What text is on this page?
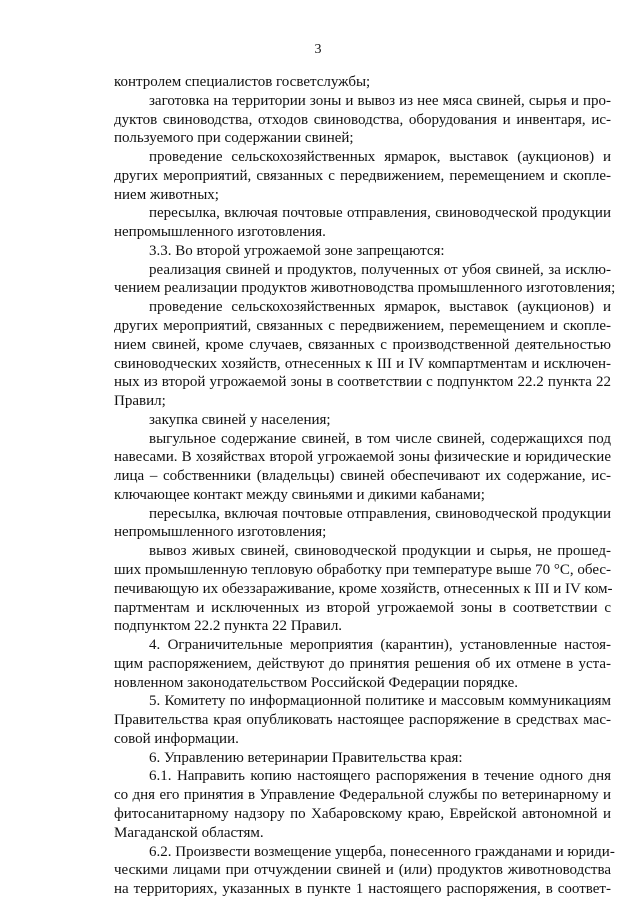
3
контролем специалистов госветслужбы;
заготовка на территории зоны и вывоз из нее мяса свиней, сырья и про-
дуктов свиноводства, отходов свиноводства, оборудования и инвентаря, ис-
пользуемого при содержании свиней;
проведение сельскохозяйственных ярмарок, выставок (аукционов) и
других мероприятий, связанных с передвижением, перемещением и скопле-
нием животных;
пересылка, включая почтовые отправления, свиноводческой продукции
непромышленного изготовления.
3.3. Во второй угрожаемой зоне запрещаются:
реализация свиней и продуктов, полученных от убоя свиней, за исклю-
чением реализации продуктов животноводства промышленного изготовления;
проведение сельскохозяйственных ярмарок, выставок (аукционов) и
других мероприятий, связанных с передвижением, перемещением и скопле-
нием свиней, кроме случаев, связанных с производственной деятельностью
свиноводческих хозяйств, отнесенных к III и IV компартментам и исключен-
ных из второй угрожаемой зоны в соответствии с подпунктом 22.2 пункта 22
Правил;
закупка свиней у населения;
выгульное содержание свиней, в том числе свиней, содержащихся под
навесами. В хозяйствах второй угрожаемой зоны физические и юридические
лица – собственники (владельцы) свиней обеспечивают их содержание, ис-
ключающее контакт между свиньями и дикими кабанами;
пересылка, включая почтовые отправления, свиноводческой продукции
непромышленного изготовления;
вывоз живых свиней, свиноводческой продукции и сырья, не прошед-
ших промышленную тепловую обработку при температуре выше 70 °С, обес-
печивающую их обеззараживание, кроме хозяйств, отнесенных к III и IV ком-
партментам и исключенных из второй угрожаемой зоны в соответствии с
подпунктом 22.2 пункта 22 Правил.
4. Ограничительные мероприятия (карантин), установленные настоя-
щим распоряжением, действуют до принятия решения об их отмене в уста-
новленном законодательством Российской Федерации порядке.
5. Комитету по информационной политике и массовым коммуникациям
Правительства края опубликовать настоящее распоряжение в средствах мас-
совой информации.
6. Управлению ветеринарии Правительства края:
6.1. Направить копию настоящего распоряжения в течение одного дня
со дня его принятия в Управление Федеральной службы по ветеринарному и
фитосанитарному надзору по Хабаровскому краю, Еврейской автономной и
Магаданской областям.
6.2. Произвести возмещение ущерба, понесенного гражданами и юриди-
ческими лицами при отчуждении свиней и (или) продуктов животноводства
на территориях, указанных в пункте 1 настоящего распоряжения, в соответ-
